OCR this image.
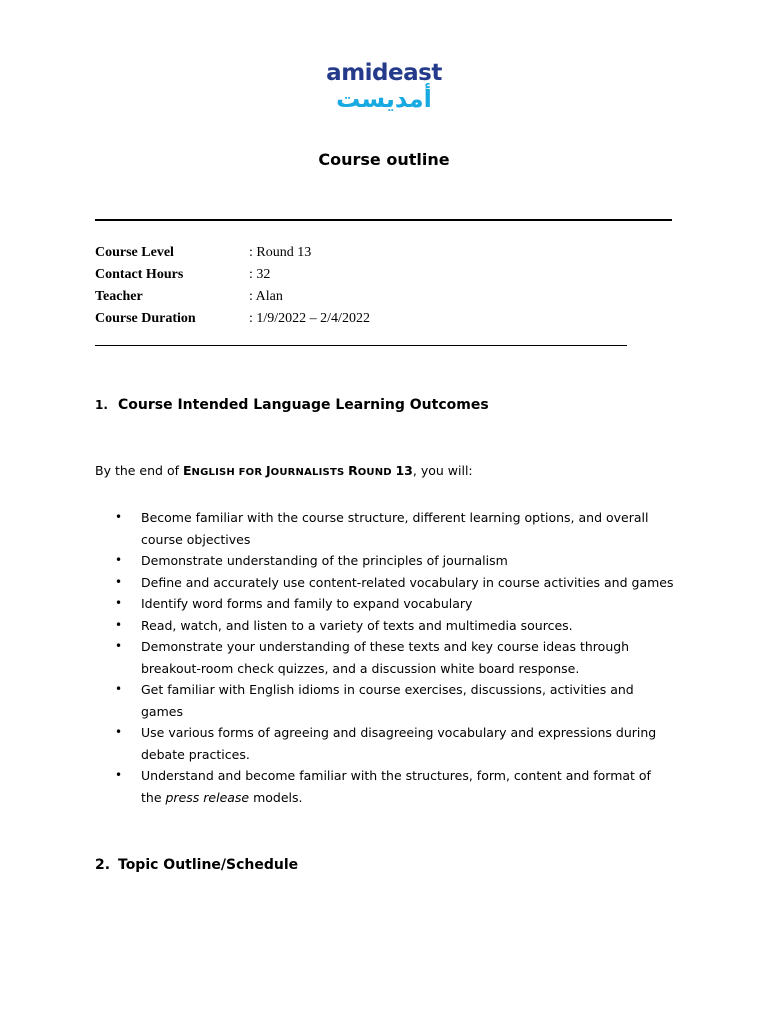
amideast
أمديست
Course outline
Course Level	: Round 13
Contact Hours	: 32
Teacher	: Alan
Course Duration	: 1/9/2022 – 2/4/2022
1. Course Intended Language Learning Outcomes
By the end of ENGLISH FOR JOURNALISTS ROUND 13, you will:
• Become familiar with the course structure, different learning options, and overall course objectives
• Demonstrate understanding of the principles of journalism
• Define and accurately use content-related vocabulary in course activities and games
• Identify word forms and family to expand vocabulary
• Read, watch, and listen to a variety of texts and multimedia sources.
• Demonstrate your understanding of these texts and key course ideas through breakout-room check quizzes, and a discussion white board response.
• Get familiar with English idioms in course exercises, discussions, activities and games
• Use various forms of agreeing and disagreeing vocabulary and expressions during debate practices.
• Understand and become familiar with the structures, form, content and format of the press release models.
2. Topic Outline/Schedule
